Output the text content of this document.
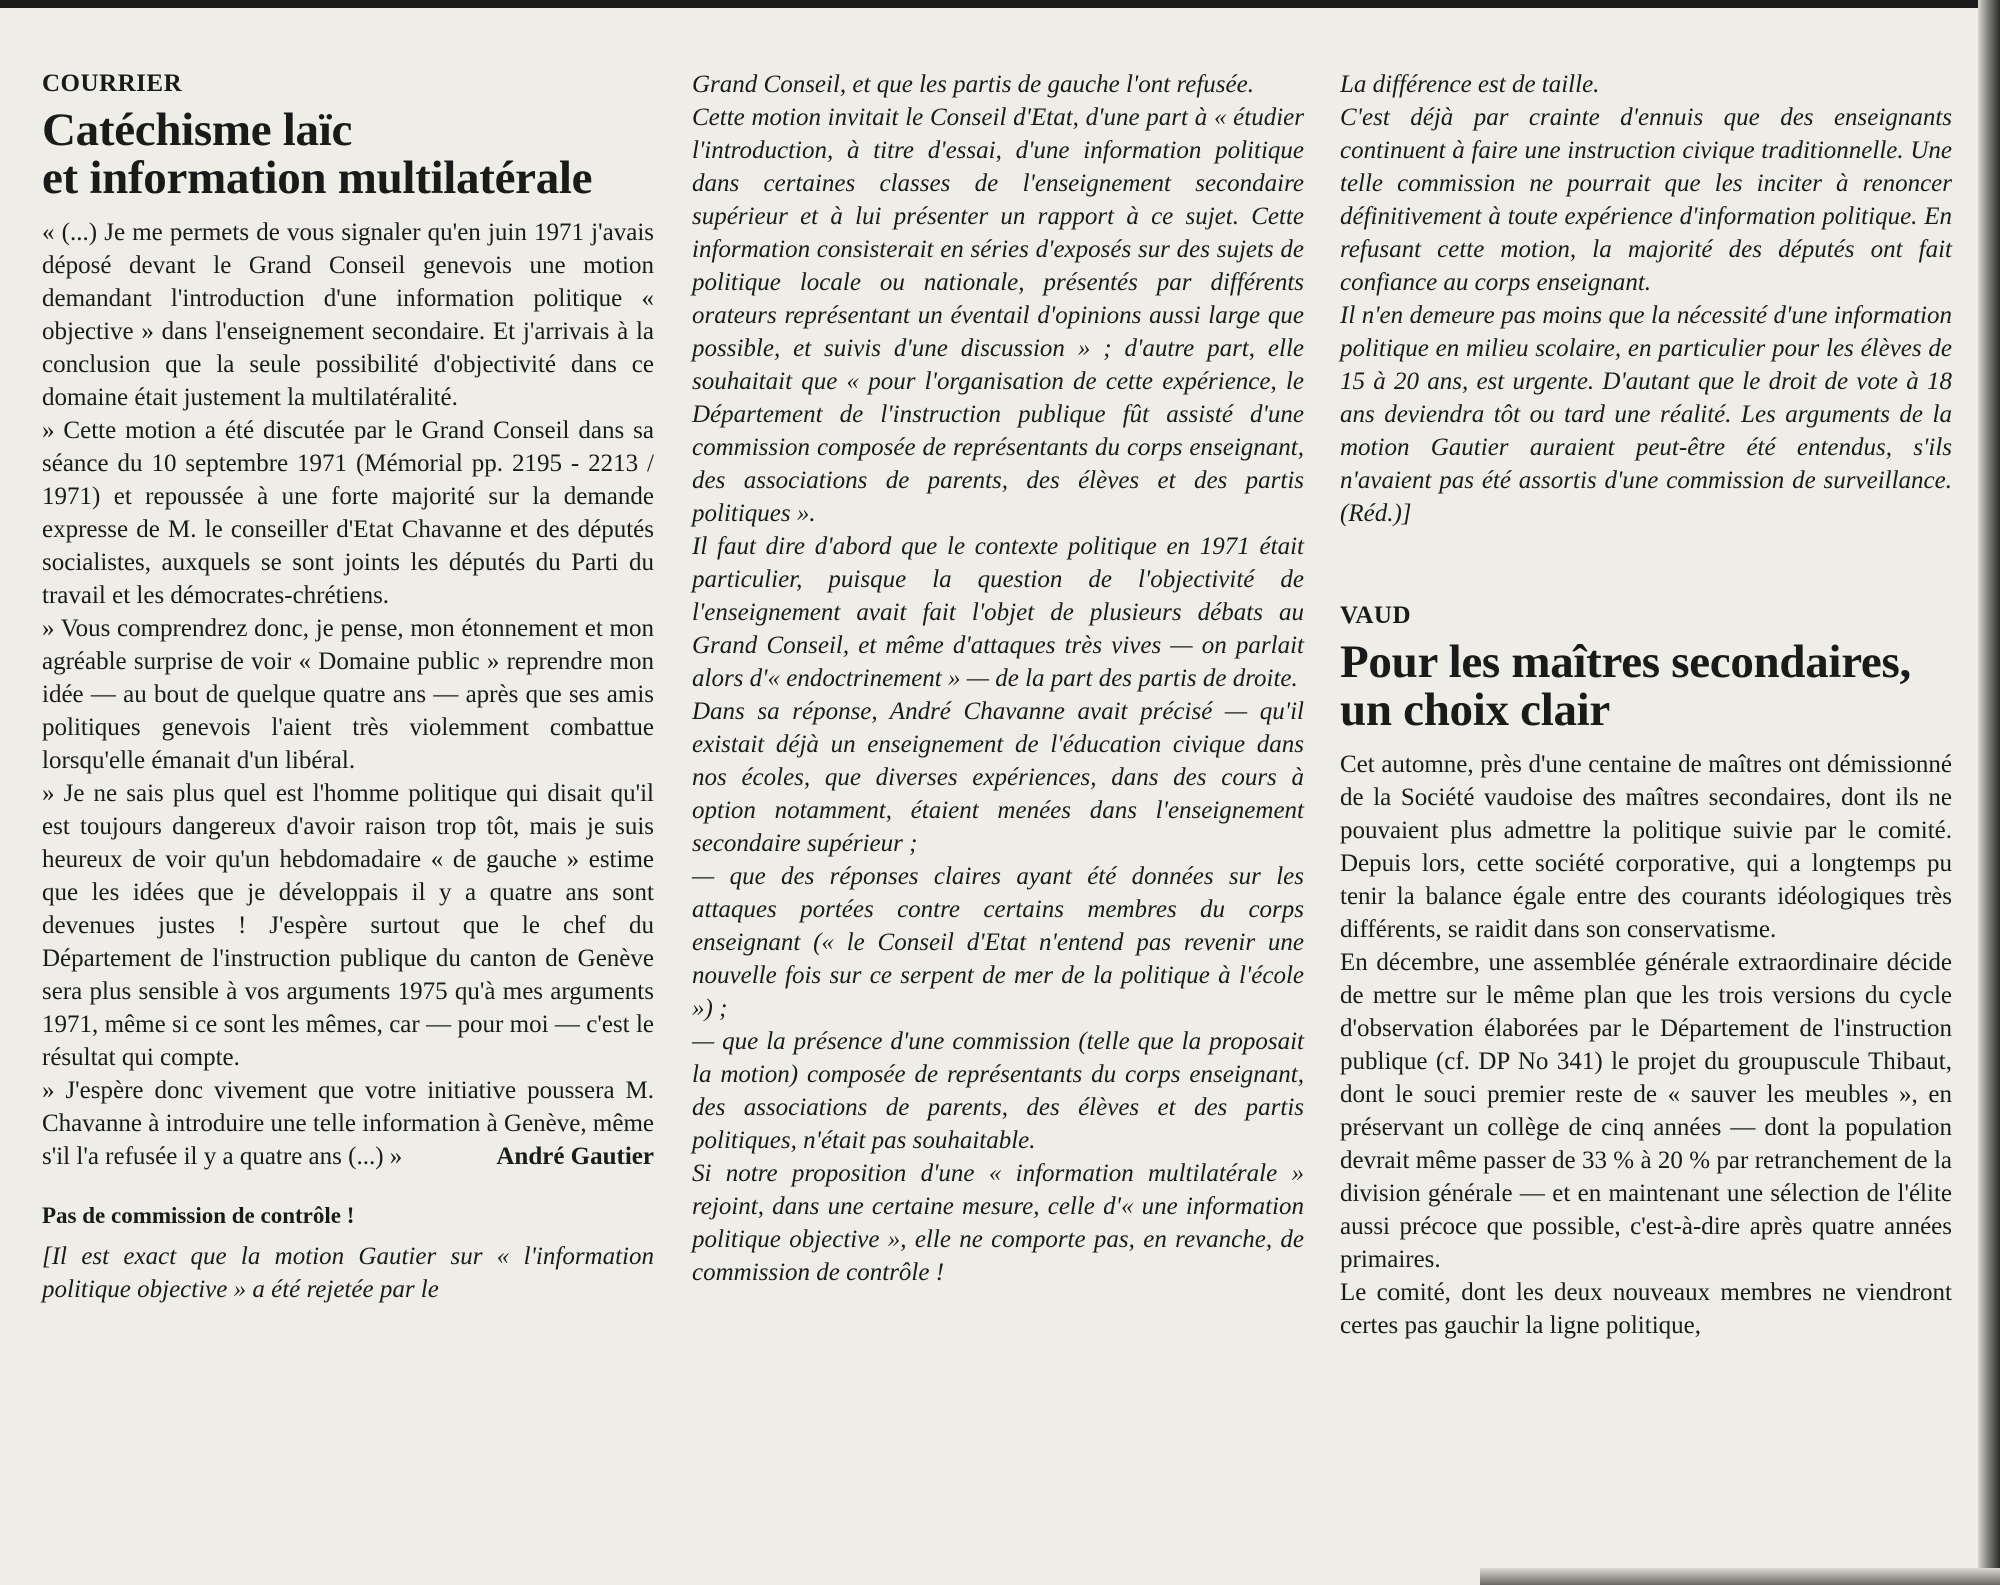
COURRIER
Catéchisme laïc
et information multilatérale

« (...) Je me permets de vous signaler qu'en juin 1971 j'avais déposé devant le Grand Conseil genevois une motion demandant l'introduction d'une information politique « objective » dans l'enseignement secondaire. Et j'arrivais à la conclusion que la seule possibilité d'objectivité dans ce domaine était justement la multilatéralité.

» Cette motion a été discutée par le Grand Conseil dans sa séance du 10 septembre 1971 (Mémorial pp. 2195 - 2213 / 1971) et repoussée à une forte majorité sur la demande expresse de M. le conseiller d'Etat Chavanne et des députés socialistes, auxquels se sont joints les députés du Parti du travail et les démocrates-chrétiens.

» Vous comprendrez donc, je pense, mon étonnement et mon agréable surprise de voir « Domaine public » reprendre mon idée — au bout de quelque quatre ans — après que ses amis politiques genevois l'aient très violemment combattue lorsqu'elle émanait d'un libéral.

» Je ne sais plus quel est l'homme politique qui disait qu'il est toujours dangereux d'avoir raison trop tôt, mais je suis heureux de voir qu'un hebdomadaire « de gauche » estime que les idées que je développais il y a quatre ans sont devenues justes ! J'espère surtout que le chef du Département de l'instruction publique du canton de Genève sera plus sensible à vos arguments 1975 qu'à mes arguments 1971, même si ce sont les mêmes, car — pour moi — c'est le résultat qui compte.

» J'espère donc vivement que votre initiative poussera M. Chavanne à introduire une telle information à Genève, même s'il l'a refusée il y a quatre ans (...) »	André Gautier

Pas de commission de contrôle !

[Il est exact que la motion Gautier sur « l'information politique objective » a été rejetée par le

Grand Conseil, et que les partis de gauche l'ont refusée.

Cette motion invitait le Conseil d'Etat, d'une part à « étudier l'introduction, à titre d'essai, d'une information politique dans certaines classes de l'enseignement secondaire supérieur et à lui présenter un rapport à ce sujet. Cette information consisterait en séries d'exposés sur des sujets de politique locale ou nationale, présentés par différents orateurs représentant un éventail d'opinions aussi large que possible, et suivis d'une discussion » ; d'autre part, elle souhaitait que « pour l'organisation de cette expérience, le Département de l'instruction publique fût assisté d'une commission composée de représentants du corps enseignant, des associations de parents, des élèves et des partis politiques ».

Il faut dire d'abord que le contexte politique en 1971 était particulier, puisque la question de l'objectivité de l'enseignement avait fait l'objet de plusieurs débats au Grand Conseil, et même d'attaques très vives — on parlait alors d'« endoctrinement » — de la part des partis de droite.

Dans sa réponse, André Chavanne avait précisé — qu'il existait déjà un enseignement de l'éducation civique dans nos écoles, que diverses expériences, dans des cours à option notamment, étaient menées dans l'enseignement secondaire supérieur ;

— que des réponses claires ayant été données sur les attaques portées contre certains membres du corps enseignant (« le Conseil d'Etat n'entend pas revenir une nouvelle fois sur ce serpent de mer de la politique à l'école ») ;

— que la présence d'une commission (telle que la proposait la motion) composée de représentants du corps enseignant, des associations de parents, des élèves et des partis politiques, n'était pas souhaitable.

Si notre proposition d'une « information multilatérale » rejoint, dans une certaine mesure, celle d'« une information politique objective », elle ne comporte pas, en revanche, de commission de contrôle !

La différence est de taille.

C'est déjà par crainte d'ennuis que des enseignants continuent à faire une instruction civique traditionnelle. Une telle commission ne pourrait que les inciter à renoncer définitivement à toute expérience d'information politique. En refusant cette motion, la majorité des députés ont fait confiance au corps enseignant.

Il n'en demeure pas moins que la nécessité d'une information politique en milieu scolaire, en particulier pour les élèves de 15 à 20 ans, est urgente. D'autant que le droit de vote à 18 ans deviendra tôt ou tard une réalité. Les arguments de la motion Gautier auraient peut-être été entendus, s'ils n'avaient pas été assortis d'une commission de surveillance. (Réd.)]

VAUD
Pour les maîtres secondaires,
un choix clair

Cet automne, près d'une centaine de maîtres ont démissionné de la Société vaudoise des maîtres secondaires, dont ils ne pouvaient plus admettre la politique suivie par le comité. Depuis lors, cette société corporative, qui a longtemps pu tenir la balance égale entre des courants idéologiques très différents, se raidit dans son conservatisme.

En décembre, une assemblée générale extraordinaire décide de mettre sur le même plan que les trois versions du cycle d'observation élaborées par le Département de l'instruction publique (cf. DP No 341) le projet du groupuscule Thibaut, dont le souci premier reste de « sauver les meubles », en préservant un collège de cinq années — dont la population devrait même passer de 33 % à 20 % par retranchement de la division générale — et en maintenant une sélection de l'élite aussi précoce que possible, c'est-à-dire après quatre années primaires.

Le comité, dont les deux nouveaux membres ne viendront certes pas gauchir la ligne politique,
